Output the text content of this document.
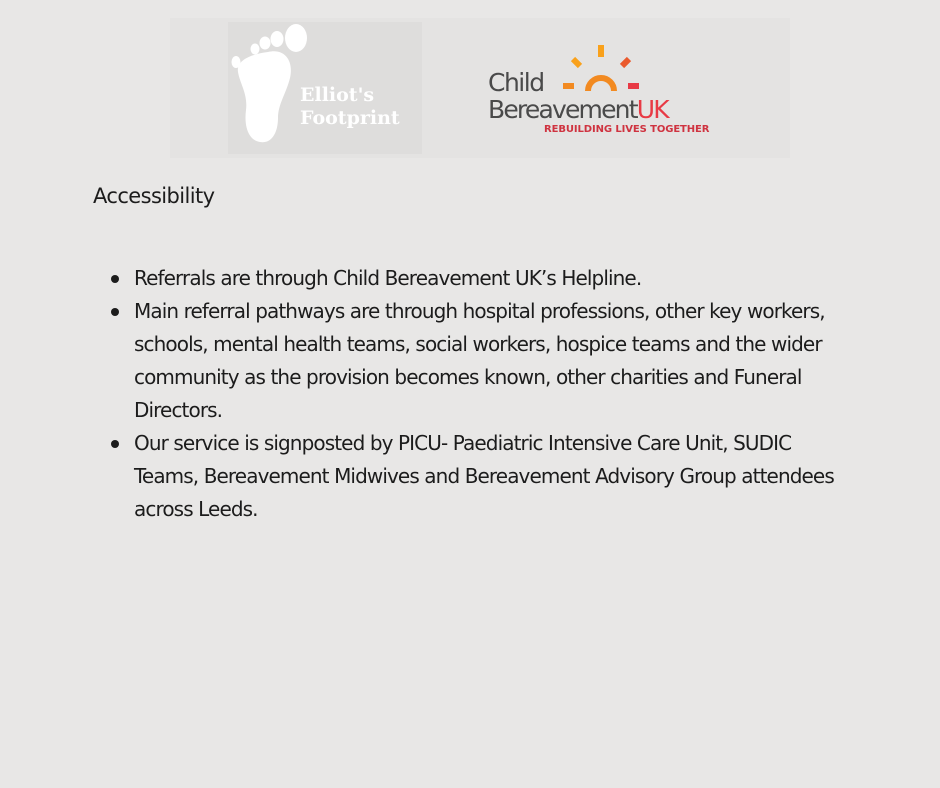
Elliot's
Footprint
Child
BereavementUK
REBUILDING LIVES TOGETHER
Accessibility
Referrals are through Child Bereavement UK’s Helpline.
Main referral pathways are through hospital professions, other key workers, schools, mental health teams, social workers, hospice teams and the wider community as the provision becomes known, other charities and Funeral Directors.
Our service is signposted by PICU- Paediatric Intensive Care Unit, SUDIC Teams, Bereavement Midwives and Bereavement Advisory Group attendees across Leeds.
